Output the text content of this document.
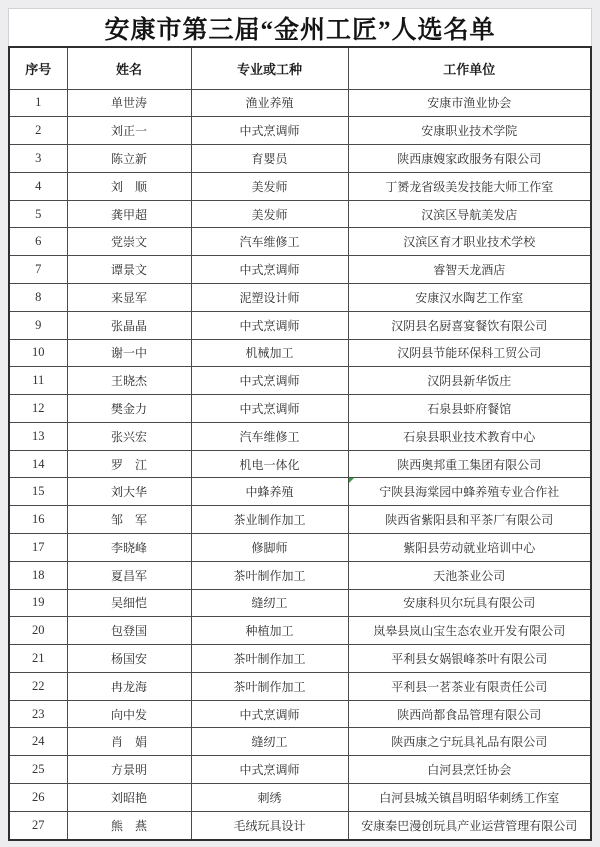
安康市第三届“金州工匠”人选名单
序号	姓名	专业或工种	工作单位
1	单世涛	渔业养殖	安康市渔业协会
2	刘正一	中式烹调师	安康职业技术学院
3	陈立新	育婴员	陕西康嫂家政服务有限公司
4	刘　顺	美发师	丁赟龙省级美发技能大师工作室
5	龚甲超	美发师	汉滨区导航美发店
6	党崇文	汽车维修工	汉滨区育才职业技术学校
7	谭景文	中式烹调师	睿智天龙酒店
8	来显军	泥塑设计师	安康汉水陶艺工作室
9	张晶晶	中式烹调师	汉阴县名厨喜宴餐饮有限公司
10	谢一中	机械加工	汉阴县节能环保科工贸公司
11	王晓杰	中式烹调师	汉阴县新华饭庄
12	樊金力	中式烹调师	石泉县虾府餐馆
13	张兴宏	汽车维修工	石泉县职业技术教育中心
14	罗　江	机电一体化	陕西奥邦重工集团有限公司
15	刘大华	中蜂养殖	宁陕县海棠园中蜂养殖专业合作社

16	邹　军	茶业制作加工	陕西省紫阳县和平茶厂有限公司
17	李晓峰	修脚师	紫阳县劳动就业培训中心
18	夏昌军	茶叶制作加工	天池茶业公司
19	吴细恺	缝纫工	安康科贝尔玩具有限公司
20	包登国	种植加工	岚皋县岚山宝生态农业开发有限公司
21	杨国安	茶叶制作加工	平利县女娲银峰茶叶有限公司
22	冉龙海	茶叶制作加工	平利县一茗茶业有限责任公司
23	向中发	中式烹调师	陕西尚都食品管理有限公司
24	肖　娟	缝纫工	陕西康之宁玩具礼品有限公司
25	方景明	中式烹调师	白河县烹饪协会
26	刘昭艳	刺绣	白河县城关镇昌明昭华刺绣工作室
27	熊　燕	毛绒玩具设计	安康秦巴漫创玩具产业运营管理有限公司
